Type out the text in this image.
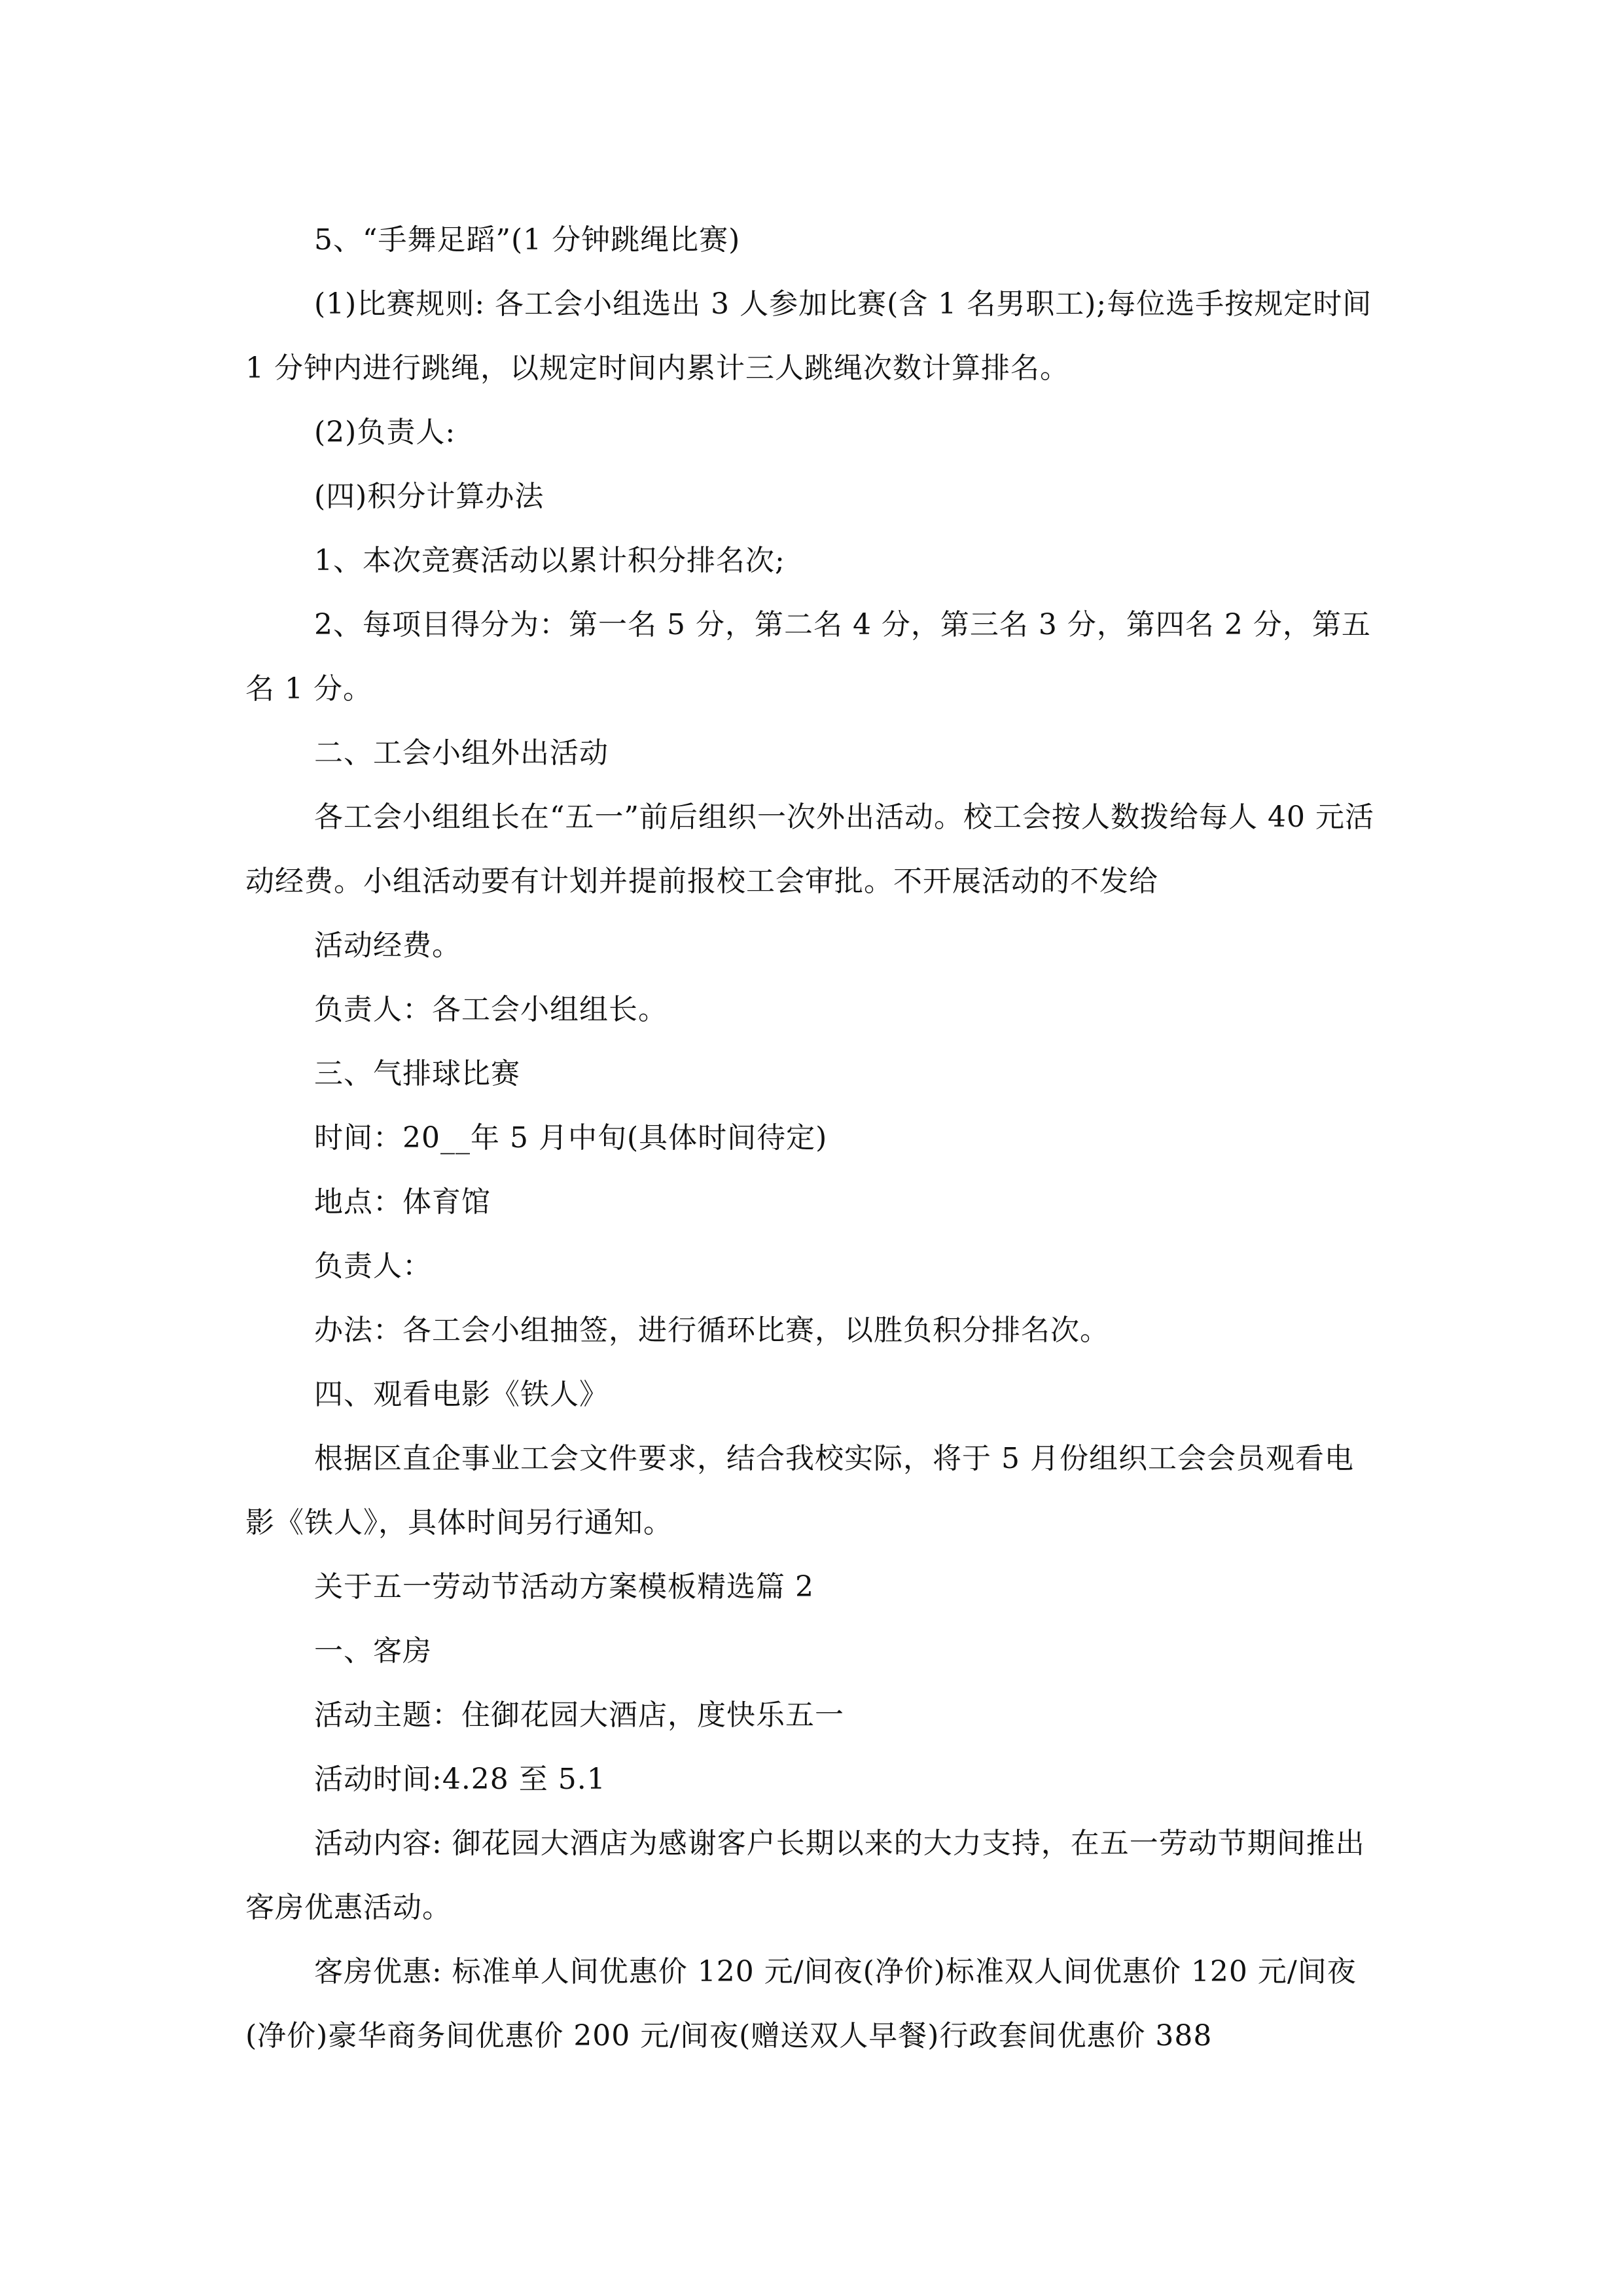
5、“手舞足蹈”(1 分钟跳绳比赛)

(1)比赛规则: 各工会小组选出 3 人参加比赛(含 1 名男职工);每位选手按规定时间 1 分钟内进行跳绳，以规定时间内累计三人跳绳次数计算排名。

(2)负责人:

(四)积分计算办法

1、本次竞赛活动以累计积分排名次;

2、每项目得分为：第一名 5 分，第二名 4 分，第三名 3 分，第四名 2 分，第五名 1 分。

二、工会小组外出活动

各工会小组组长在“五一”前后组织一次外出活动。校工会按人数拨给每人 40 元活动经费。小组活动要有计划并提前报校工会审批。不开展活动的不发给

活动经费。

负责人：各工会小组组长。

三、气排球比赛

时间：20__年 5 月中旬(具体时间待定)

地点：体育馆

负责人：

办法：各工会小组抽签，进行循环比赛，以胜负积分排名次。

四、观看电影《铁人》

根据区直企事业工会文件要求，结合我校实际，将于 5 月份组织工会会员观看电影《铁人》，具体时间另行通知。

关于五一劳动节活动方案模板精选篇 2

一、客房

活动主题：住御花园大酒店，度快乐五一

活动时间:4.28 至 5.1

活动内容: 御花园大酒店为感谢客户长期以来的大力支持，在五一劳动节期间推出客房优惠活动。

客房优惠: 标准单人间优惠价 120 元/间夜(净价)标准双人间优惠价 120 元/间夜(净价)豪华商务间优惠价 200 元/间夜(赠送双人早餐)行政套间优惠价 388
